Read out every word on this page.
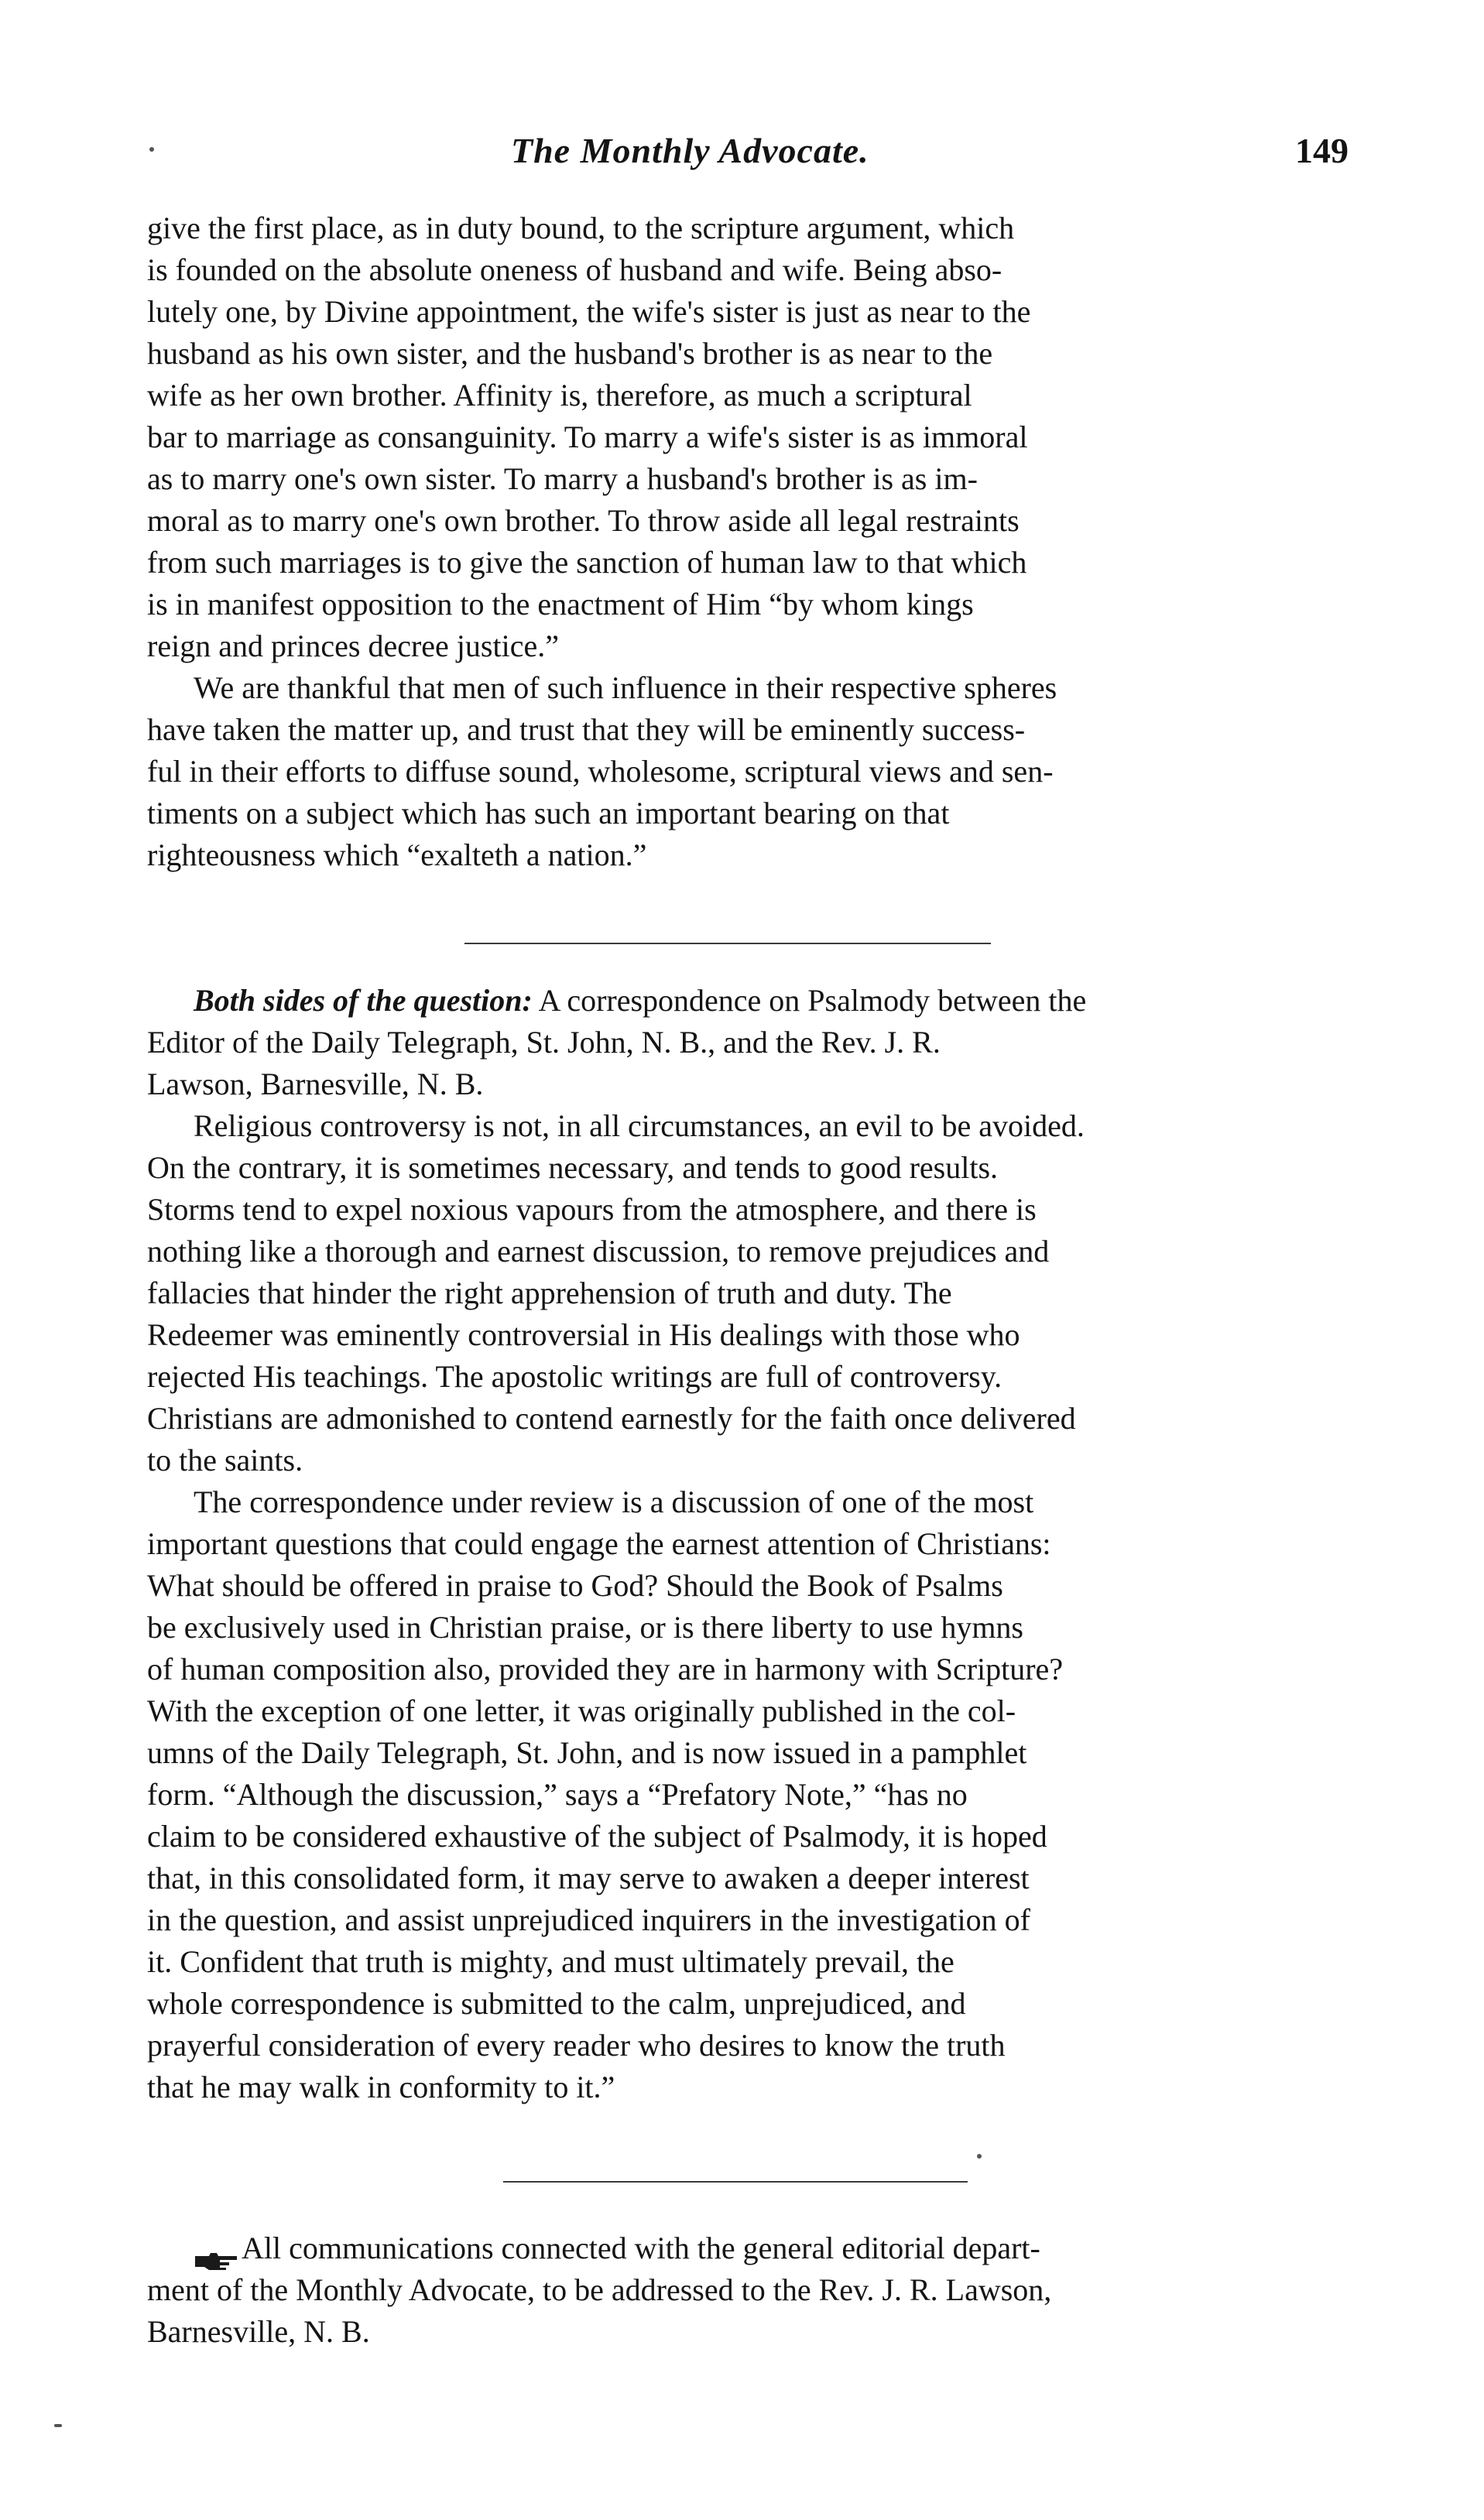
The Monthly Advocate.	149
give the first place, as in duty bound, to the scripture argument, which
is founded on the absolute oneness of husband and wife. Being abso-
lutely one, by Divine appointment, the wife's sister is just as near to the
husband as his own sister, and the husband's brother is as near to the
wife as her own brother. Affinity is, therefore, as much a scriptural
bar to marriage as consanguinity. To marry a wife's sister is as immoral
as to marry one's own sister. To marry a husband's brother is as im-
moral as to marry one's own brother. To throw aside all legal restraints
from such marriages is to give the sanction of human law to that which
is in manifest opposition to the enactment of Him “by whom kings
reign and princes decree justice.”
We are thankful that men of such influence in their respective spheres
have taken the matter up, and trust that they will be eminently success-
ful in their efforts to diffuse sound, wholesome, scriptural views and sen-
timents on a subject which has such an important bearing on that
righteousness which “exalteth a nation.”
Both sides of the question: A correspondence on Psalmody between the
Editor of the Daily Telegraph, St. John, N. B., and the Rev. J. R.
Lawson, Barnesville, N. B.
Religious controversy is not, in all circumstances, an evil to be avoided.
On the contrary, it is sometimes necessary, and tends to good results.
Storms tend to expel noxious vapours from the atmosphere, and there is
nothing like a thorough and earnest discussion, to remove prejudices and
fallacies that hinder the right apprehension of truth and duty. The
Redeemer was eminently controversial in His dealings with those who
rejected His teachings. The apostolic writings are full of controversy.
Christians are admonished to contend earnestly for the faith once delivered
to the saints.
The correspondence under review is a discussion of one of the most
important questions that could engage the earnest attention of Christians:
What should be offered in praise to God? Should the Book of Psalms
be exclusively used in Christian praise, or is there liberty to use hymns
of human composition also, provided they are in harmony with Scripture?
With the exception of one letter, it was originally published in the col-
umns of the Daily Telegraph, St. John, and is now issued in a pamphlet
form. “Although the discussion,” says a “Prefatory Note,” “has no
claim to be considered exhaustive of the subject of Psalmody, it is hoped
that, in this consolidated form, it may serve to awaken a deeper interest
in the question, and assist unprejudiced inquirers in the investigation of
it. Confident that truth is mighty, and must ultimately prevail, the
whole correspondence is submitted to the calm, unprejudiced, and
prayerful consideration of every reader who desires to know the truth
that he may walk in conformity to it.”
All communications connected with the general editorial depart-
ment of the Monthly Advocate, to be addressed to the Rev. J. R. Lawson,
Barnesville, N. B.
